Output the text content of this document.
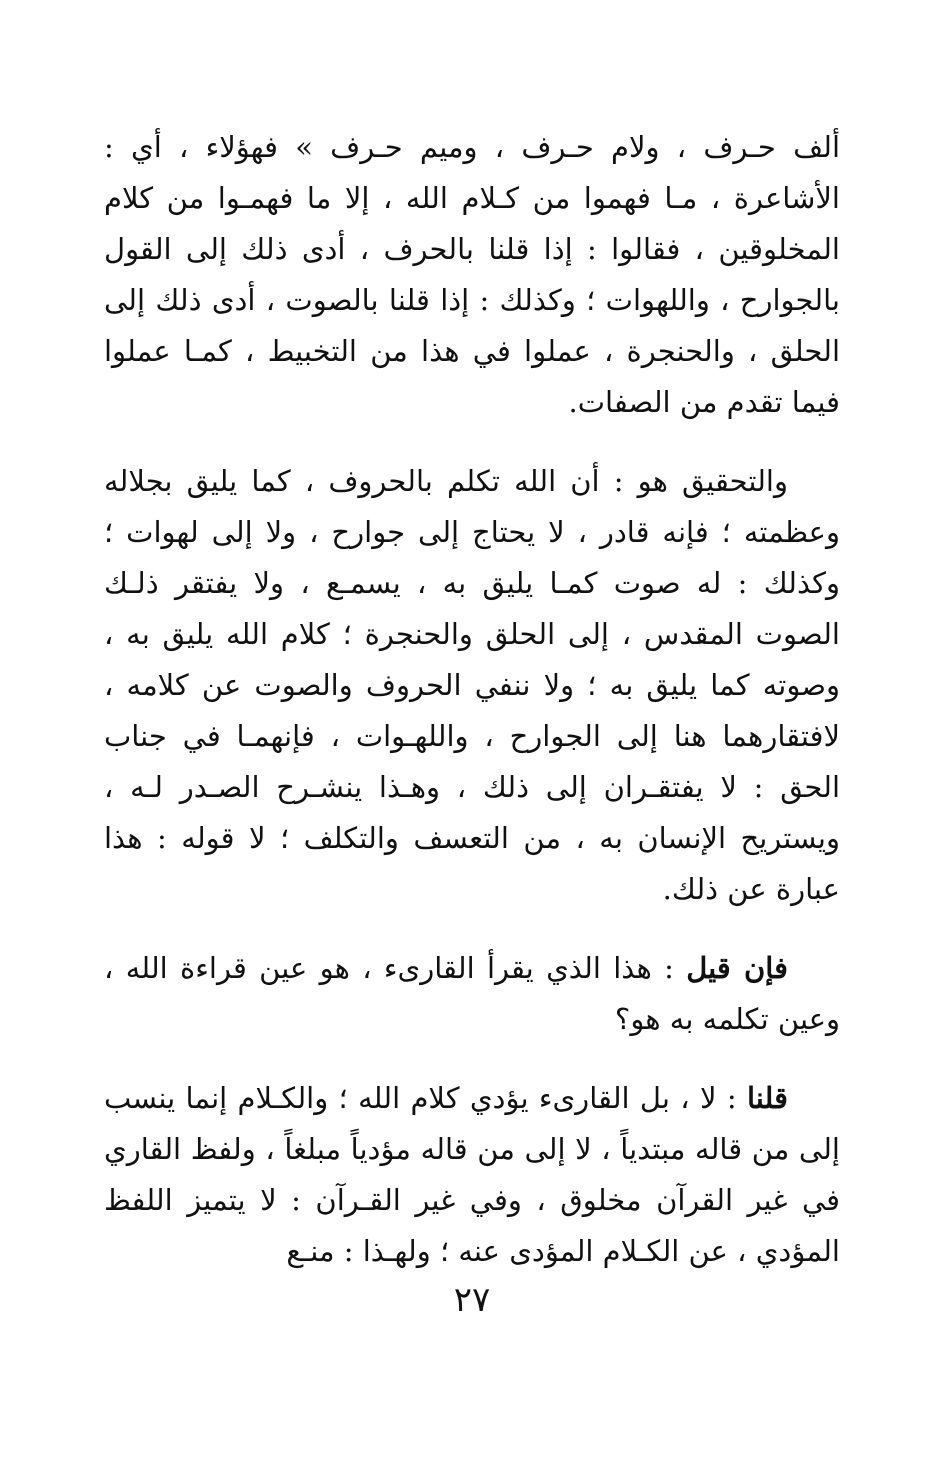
ألف حـرف ، ولام حـرف ، وميم حـرف » فهؤلاء ، أي : الأشاعرة ، مـا فهموا من كـلام الله ، إلا ما فهمـوا من كلام المخلوقين ، فقالوا : إذا قلنا بالحرف ، أدى ذلك إلى القول بالجوارح ، واللهوات ؛ وكذلك : إذا قلنا بالصوت ، أدى ذلك إلى الحلق ، والحنجرة ، عملوا في هذا من التخبيط ، كمـا عملوا فيما تقدم من الصفات.

والتحقيق هو : أن الله تكلم بالحروف ، كما يليق بجلاله وعظمته ؛ فإنه قادر ، لا يحتاج إلى جوارح ، ولا إلى لهوات ؛ وكذلك : له صوت كمـا يليق به ، يسمـع ، ولا يفتقر ذلـك الصوت المقدس ، إلى الحلق والحنجرة ؛ كلام الله يليق به ، وصوته كما يليق به ؛ ولا ننفي الحروف والصوت عن كلامه ، لافتقارهما هنا إلى الجوارح ، واللهـوات ، فإنهمـا في جناب الحق : لا يفتقـران إلى ذلك ، وهـذا ينشـرح الصـدر لـه ، ويستريح الإنسان به ، من التعسف والتكلف ؛ لا قوله : هذا عبارة عن ذلك.

فإن قيل : هذا الذي يقرأ القارىء ، هو عين قراءة الله ، وعين تكلمه به هو؟

قلنا : لا ، بل القارىء يؤدي كلام الله ؛ والكـلام إنما ينسب إلى من قاله مبتدياً ، لا إلى من قاله مؤدياً مبلغاً ، ولفظ القاري في غير القرآن مخلوق ، وفي غير القـرآن : لا يتميز اللفظ المؤدي ، عن الكـلام المؤدى عنه ؛ ولهـذا : منـع

٢٧
